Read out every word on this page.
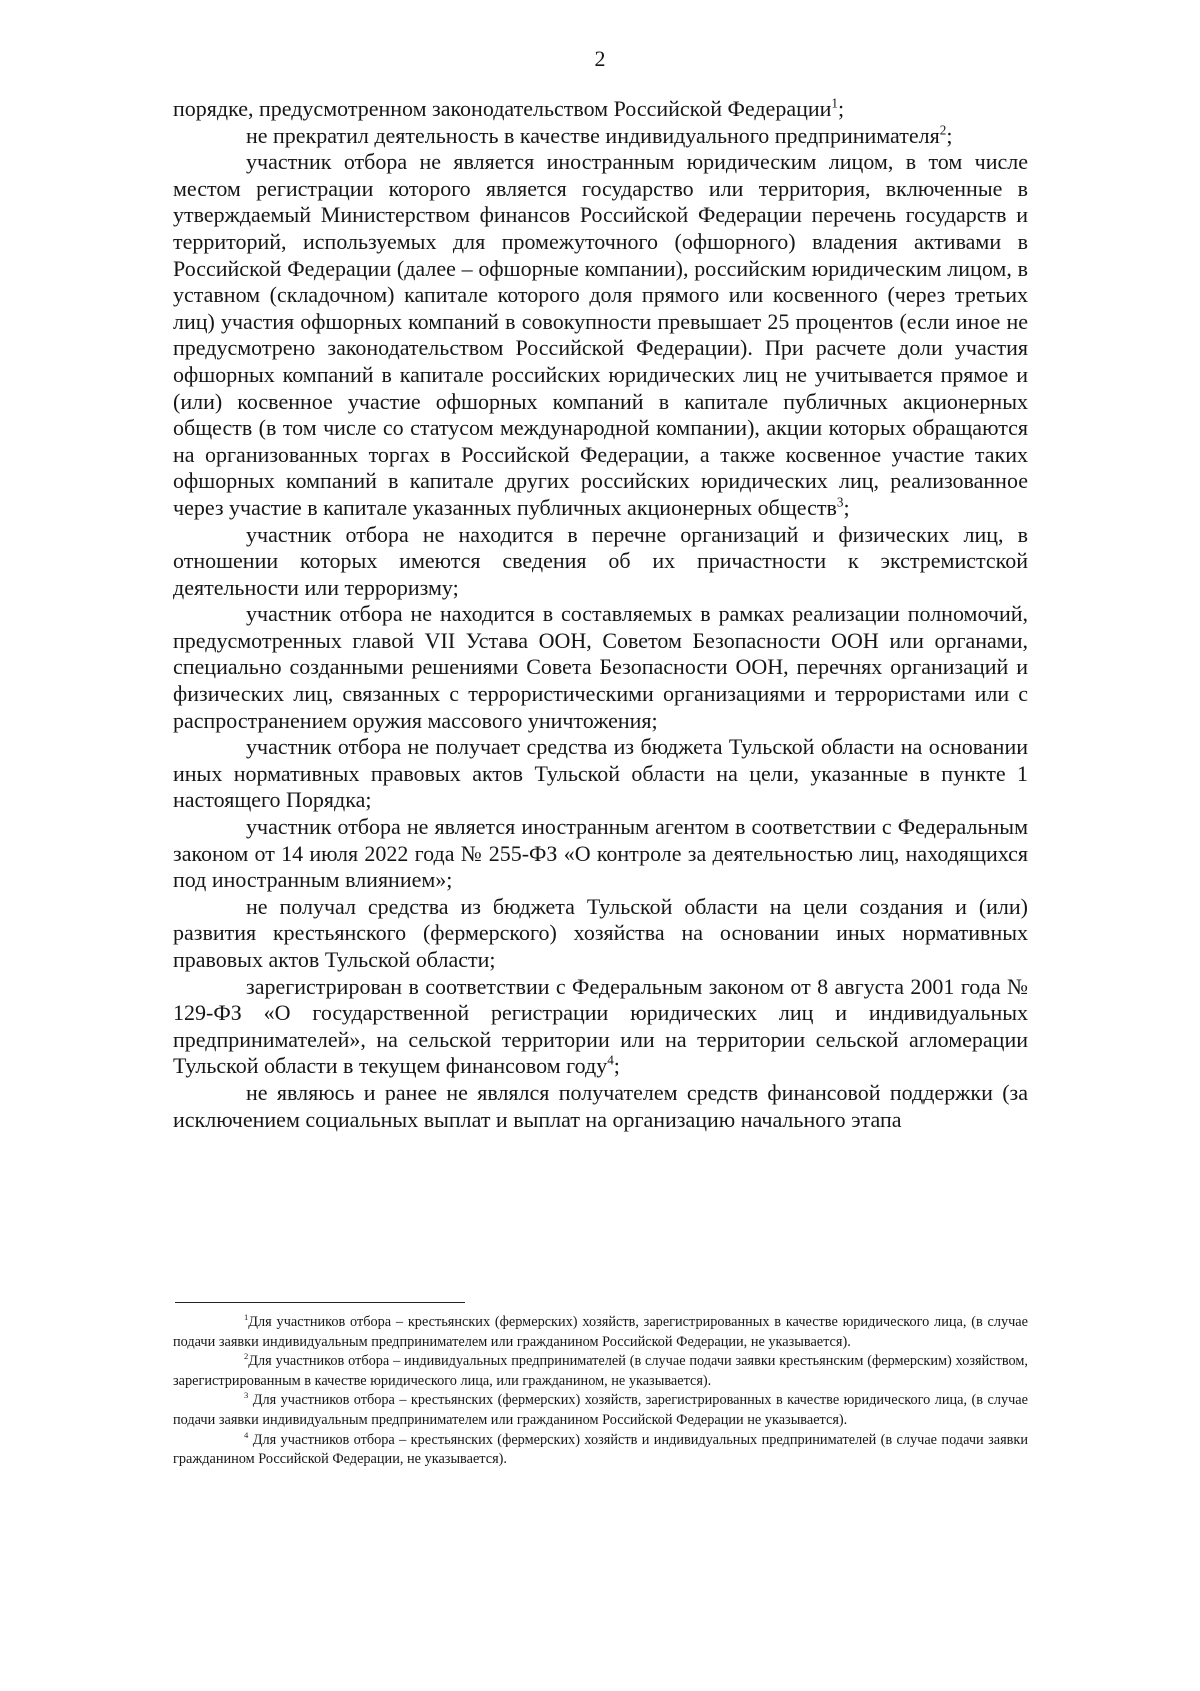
2

порядке, предусмотренном законодательством Российской Федерации$^1$;

не прекратил деятельность в качестве индивидуального предпринимателя$^2$;

участник отбора не является иностранным юридическим лицом, в том числе местом регистрации которого является государство или территория, включенные в утверждаемый Министерством финансов Российской Федерации перечень государств и территорий, используемых для промежуточного (офшорного) владения активами в Российской Федерации (далее – офшорные компании), российским юридическим лицом, в уставном (складочном) капитале которого доля прямого или косвенного (через третьих лиц) участия офшорных компаний в совокупности превышает 25 процентов (если иное не предусмотрено законодательством Российской Федерации). При расчете доли участия офшорных компаний в капитале российских юридических лиц не учитывается прямое и (или) косвенное участие офшорных компаний в капитале публичных акционерных обществ (в том числе со статусом международной компании), акции которых обращаются на организованных торгах в Российской Федерации, а также косвенное участие таких офшорных компаний в капитале других российских юридических лиц, реализованное через участие в капитале указанных публичных акционерных обществ$^3$;

участник отбора не находится в перечне организаций и физических лиц, в отношении которых имеются сведения об их причастности к экстремистской деятельности или терроризму;

участник отбора не находится в составляемых в рамках реализации полномочий, предусмотренных главой VII Устава ООН, Советом Безопасности ООН или органами, специально созданными решениями Совета Безопасности ООН, перечнях организаций и физических лиц, связанных с террористическими организациями и террористами или с распространением оружия массового уничтожения;

участник отбора не получает средства из бюджета Тульской области на основании иных нормативных правовых актов Тульской области на цели, указанные в пункте 1 настоящего Порядка;

участник отбора не является иностранным агентом в соответствии с Федеральным законом от 14 июля 2022 года № 255-ФЗ «О контроле за деятельностью лиц, находящихся под иностранным влиянием»;

не получал средства из бюджета Тульской области на цели создания и (или) развития крестьянского (фермерского) хозяйства на основании иных нормативных правовых актов Тульской области;

зарегистрирован в соответствии с Федеральным законом от 8 августа 2001 года № 129-ФЗ «О государственной регистрации юридических лиц и индивидуальных предпринимателей», на сельской территории или на территории сельской агломерации Тульской области в текущем финансовом году$^4$;

не являюсь и ранее не являлся получателем средств финансовой поддержки (за исключением социальных выплат и выплат на организацию начального этапа

$^1$Для участников отбора – крестьянских (фермерских) хозяйств, зарегистрированных в качестве юридического лица, (в случае подачи заявки индивидуальным предпринимателем или гражданином Российской Федерации, не указывается).

$^2$Для участников отбора – индивидуальных предпринимателей (в случае подачи заявки крестьянским (фермерским) хозяйством, зарегистрированным в качестве юридического лица, или гражданином, не указывается).

$^3$ Для участников отбора – крестьянских (фермерских) хозяйств, зарегистрированных в качестве юридического лица, (в случае подачи заявки индивидуальным предпринимателем или гражданином Российской Федерации не указывается).

$^4$ Для участников отбора – крестьянских (фермерских) хозяйств и индивидуальных предпринимателей (в случае подачи заявки гражданином Российской Федерации, не указывается).
